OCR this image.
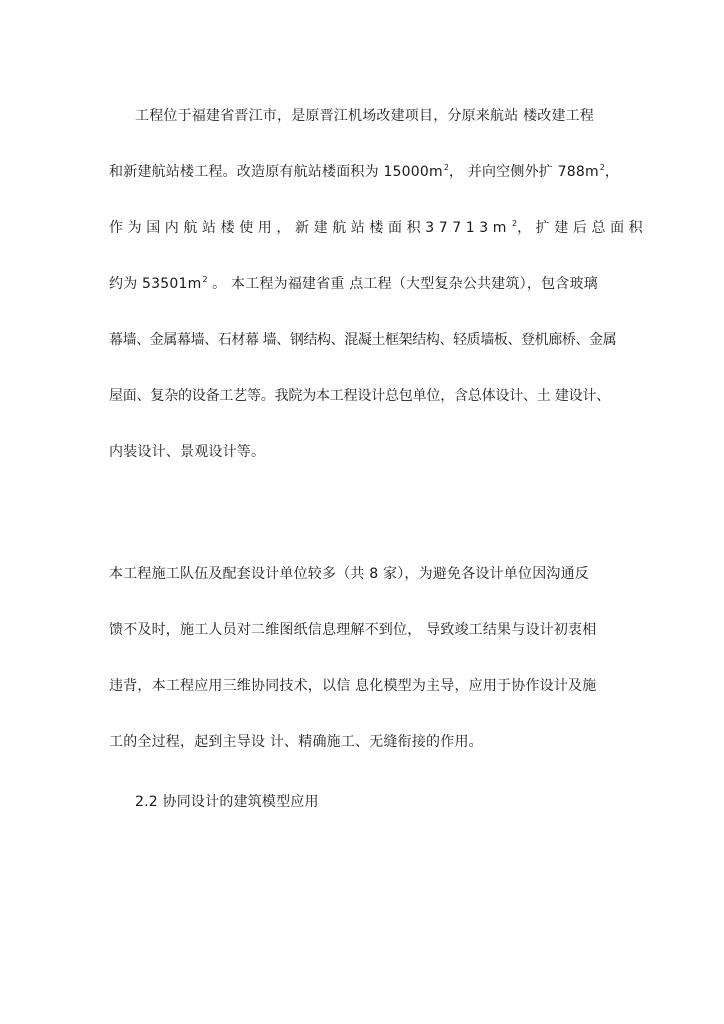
工程位于福建省晋江市，是原晋江机场改建项目，分原来航站 楼改建工程
和新建航站楼工程。改造原有航站楼面积为 $15000m^2$， 并向空侧外扩 $788m^2$，
作为国内航站楼使用，新建航站楼面积$37713m^2$，扩建后总面积
约为 $53501m^2$ 。 本工程为福建省重 点工程（大型复杂公共建筑），包含玻璃
幕墙、金属幕墙、石材幕 墙、钢结构、混凝土框架结构、轻质墙板、登机廊桥、金属
屋面、复杂的设备工艺等。我院为本工程设计总包单位，含总体设计、土 建设计、
内装设计、景观设计等。
本工程施工队伍及配套设计单位较多（共 8 家），为避免各设计单位因沟通反
馈不及时，施工人员对二维图纸信息理解不到位， 导致竣工结果与设计初衷相
违背，本工程应用三维协同技术，以信 息化模型为主导，应用于协作设计及施
工的全过程，起到主导设 计、精确施工、无缝衔接的作用。
2.2 协同设计的建筑模型应用
